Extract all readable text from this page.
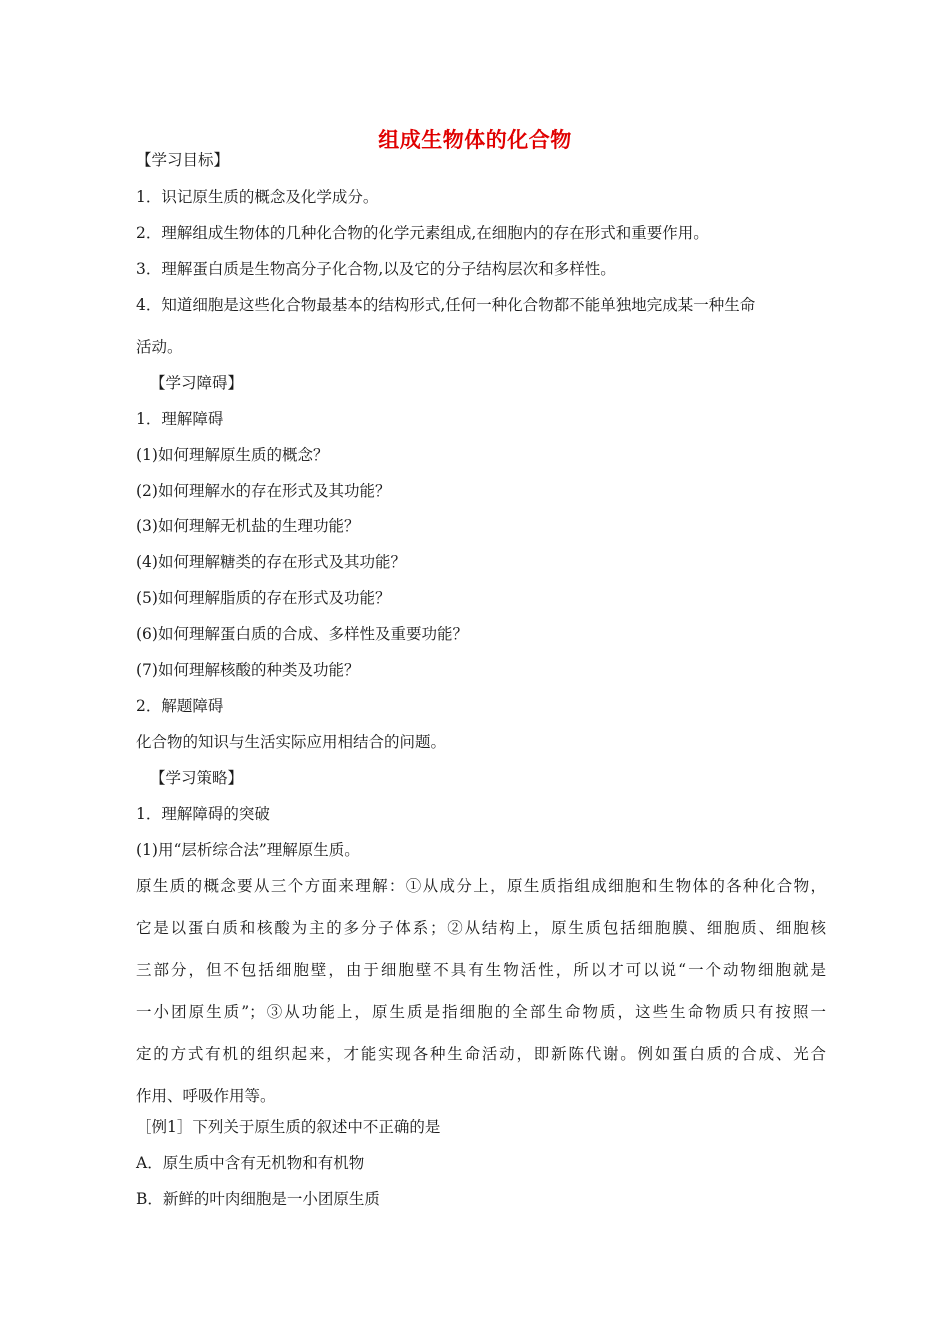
组成生物体的化合物
【学习目标】
1．识记原生质的概念及化学成分。
2．理解组成生物体的几种化合物的化学元素组成,在细胞内的存在形式和重要作用。
3．理解蛋白质是生物高分子化合物,以及它的分子结构层次和多样性。
4．知道细胞是这些化合物最基本的结构形式,任何一种化合物都不能单独地完成某一种生命
活动。
【学习障碍】
1．理解障碍
(1)如何理解原生质的概念？
(2)如何理解水的存在形式及其功能？
(3)如何理解无机盐的生理功能？
(4)如何理解糖类的存在形式及其功能？
(5)如何理解脂质的存在形式及功能？
(6)如何理解蛋白质的合成、多样性及重要功能？
(7)如何理解核酸的种类及功能？
2．解题障碍
化合物的知识与生活实际应用相结合的问题。
【学习策略】
1．理解障碍的突破
(1)用“层析综合法”理解原生质。
原生质的概念要从三个方面来理解：①从成分上，原生质指组成细胞和生物体的各种化合物，
它是以蛋白质和核酸为主的多分子体系；②从结构上，原生质包括细胞膜、细胞质、细胞核
三部分，但不包括细胞壁，由于细胞壁不具有生物活性，所以才可以说“一个动物细胞就是
一小团原生质”；③从功能上，原生质是指细胞的全部生命物质，这些生命物质只有按照一
定的方式有机的组织起来，才能实现各种生命活动，即新陈代谢。例如蛋白质的合成、光合
作用、呼吸作用等。
［例1］下列关于原生质的叙述中不正确的是
A．原生质中含有无机物和有机物
B．新鲜的叶肉细胞是一小团原生质
